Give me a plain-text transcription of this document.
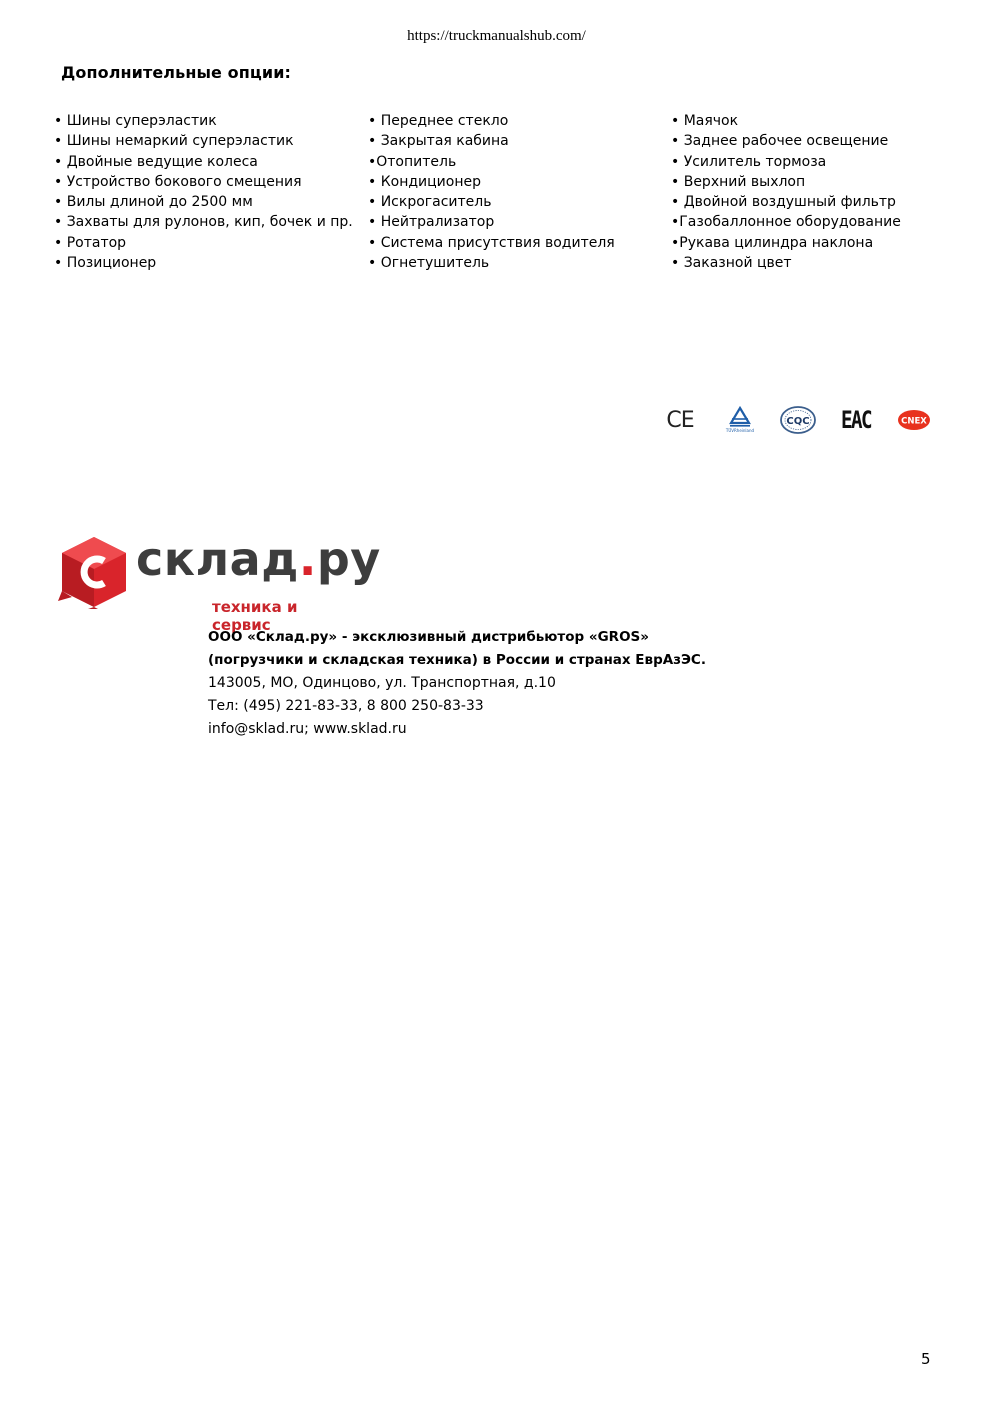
https://truckmanualshub.com/
Дополнительные опции:
• Шины суперэластик
• Шины немаркий суперэластик
• Двойные ведущие колеса
• Устройство бокового смещения
• Вилы длиной до 2500 мм
• Захваты для рулонов, кип, бочек и пр.
• Ротатор
• Позиционер
• Переднее стекло
• Закрытая кабина
•Отопитель
• Кондиционер
• Искрогаситель
• Нейтрализатор
• Система присутствия водителя
• Огнетушитель
• Маячок
• Заднее рабочее освещение
• Усилитель тормоза
• Верхний выхлоп
• Двойной воздушный фильтр
•Газобаллонное оборудование
•Рукава цилиндра наклона
• Заказной цвет
CE	TÜVRheinland
CQC EAC	CNEX
склад.ру
техника и сервис
ООО «Склад.ру» - эксклюзивный дистрибьютор «GROS»
(погрузчики и складская техника) в России и странах ЕврАзЭС.
143005, МО, Одинцово, ул. Транспортная, д.10
Тел: (495) 221-83-33, 8 800 250-83-33
info@sklad.ru; www.sklad.ru
5
